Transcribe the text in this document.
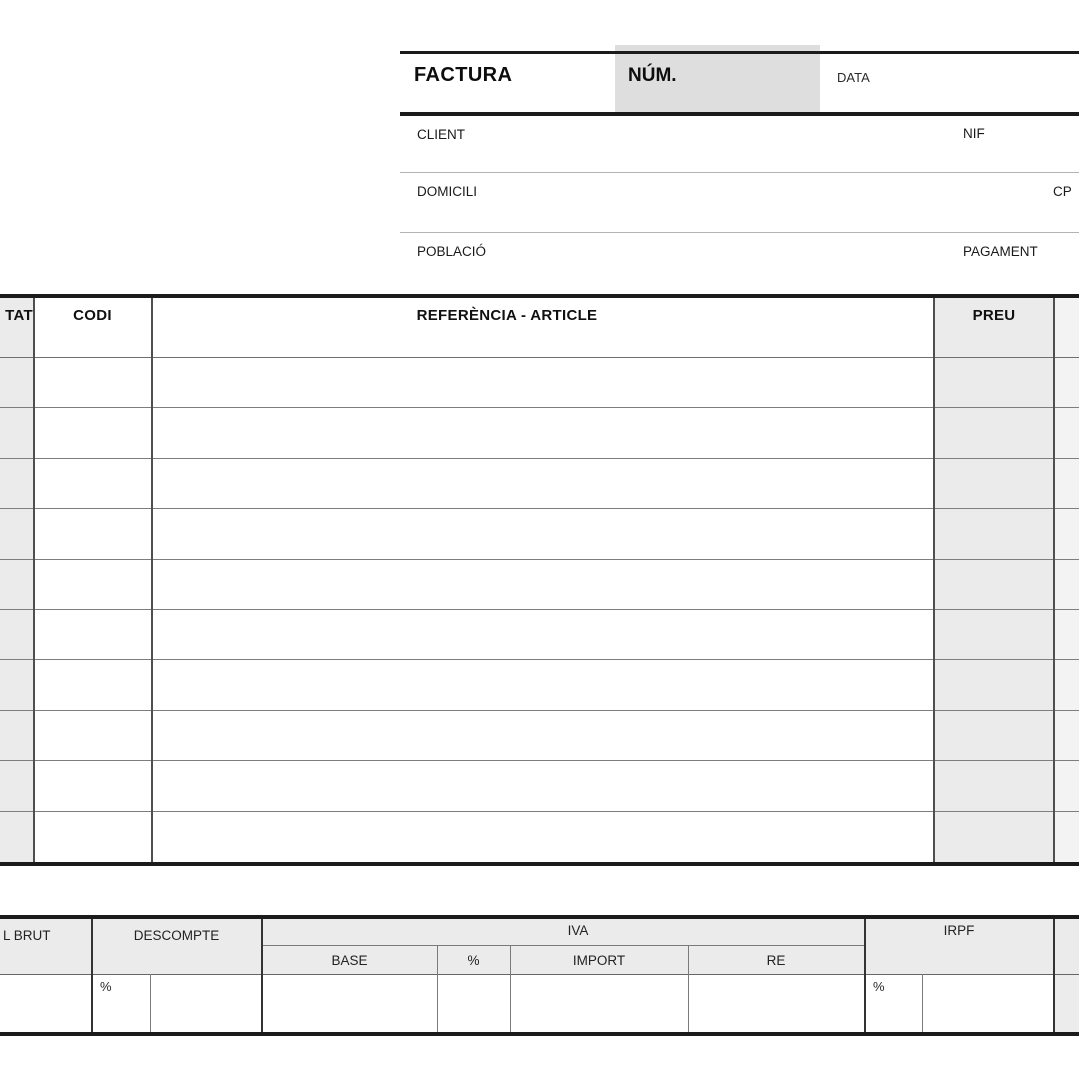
FACTURA	NÚM.	DATA
CLIENT	NIF
DOMICILI	CP
POBLACIÓ	PAGAMENT
TAT	CODI	REFERÈNCIA - ARTICLE	PREU
L BRUT	DESCOMPTE	IVA	IRPF
BASE	%	IMPORT	RE
%	%
